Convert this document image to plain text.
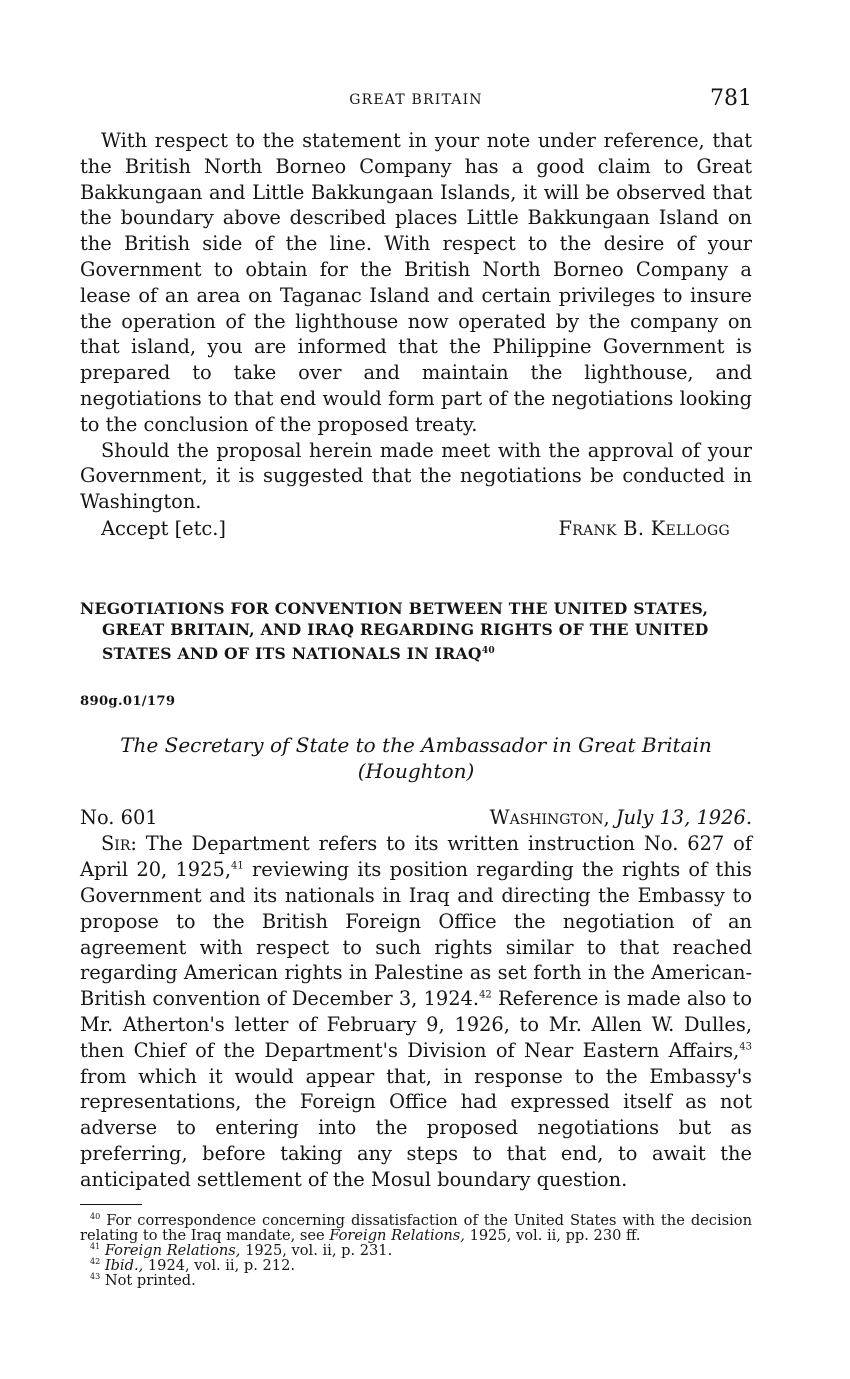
GREAT BRITAIN	781

With respect to the statement in your note under reference, that the British North Borneo Company has a good claim to Great Bakkungaan and Little Bakkungaan Islands, it will be observed that the boundary above described places Little Bakkungaan Island on the British side of the line. With respect to the desire of your Government to obtain for the British North Borneo Company a lease of an area on Taganac Island and certain privileges to insure the operation of the lighthouse now operated by the company on that island, you are informed that the Philippine Government is prepared to take over and maintain the lighthouse, and negotiations to that end would form part of the negotiations looking to the conclusion of the proposed treaty.

Should the proposal herein made meet with the approval of your Government, it is suggested that the negotiations be conducted in Washington.

Accept [etc.]	Frank B. Kellogg
NEGOTIATIONS FOR CONVENTION BETWEEN THE UNITED STATES, GREAT BRITAIN, AND IRAQ REGARDING RIGHTS OF THE UNITED STATES AND OF ITS NATIONALS IN IRAQ$^{40}$
890g.01/179
The Secretary of State to the Ambassador in Great Britain
(Houghton)
No. 601	Washington, July 13, 1926.

Sir: The Department refers to its written instruction No. 627 of April 20, 1925,41 reviewing its position regarding the rights of this Government and its nationals in Iraq and directing the Embassy to propose to the British Foreign Office the negotiation of an agreement with respect to such rights similar to that reached regarding American rights in Palestine as set forth in the American-British convention of December 3, 1924.42 Reference is made also to Mr. Atherton's letter of February 9, 1926, to Mr. Allen W. Dulles, then Chief of the Department's Division of Near Eastern Affairs,$^{43}$ from which it would appear that, in response to the Embassy's representations, the Foreign Office had expressed itself as not adverse to entering into the proposed negotiations but as preferring, before taking any steps to that end, to await the anticipated settlement of the Mosul boundary question.

$^{40}$ For correspondence concerning dissatisfaction of the United States with the decision relating to the Iraq mandate, see Foreign Relations, 1925, vol. ii, pp. 230 ff.

$^{41}$ Foreign Relations, 1925, vol. ii, p. 231.

$^{42}$ Ibid., 1924, vol. ii, p. 212.

$^{43}$ Not printed.
